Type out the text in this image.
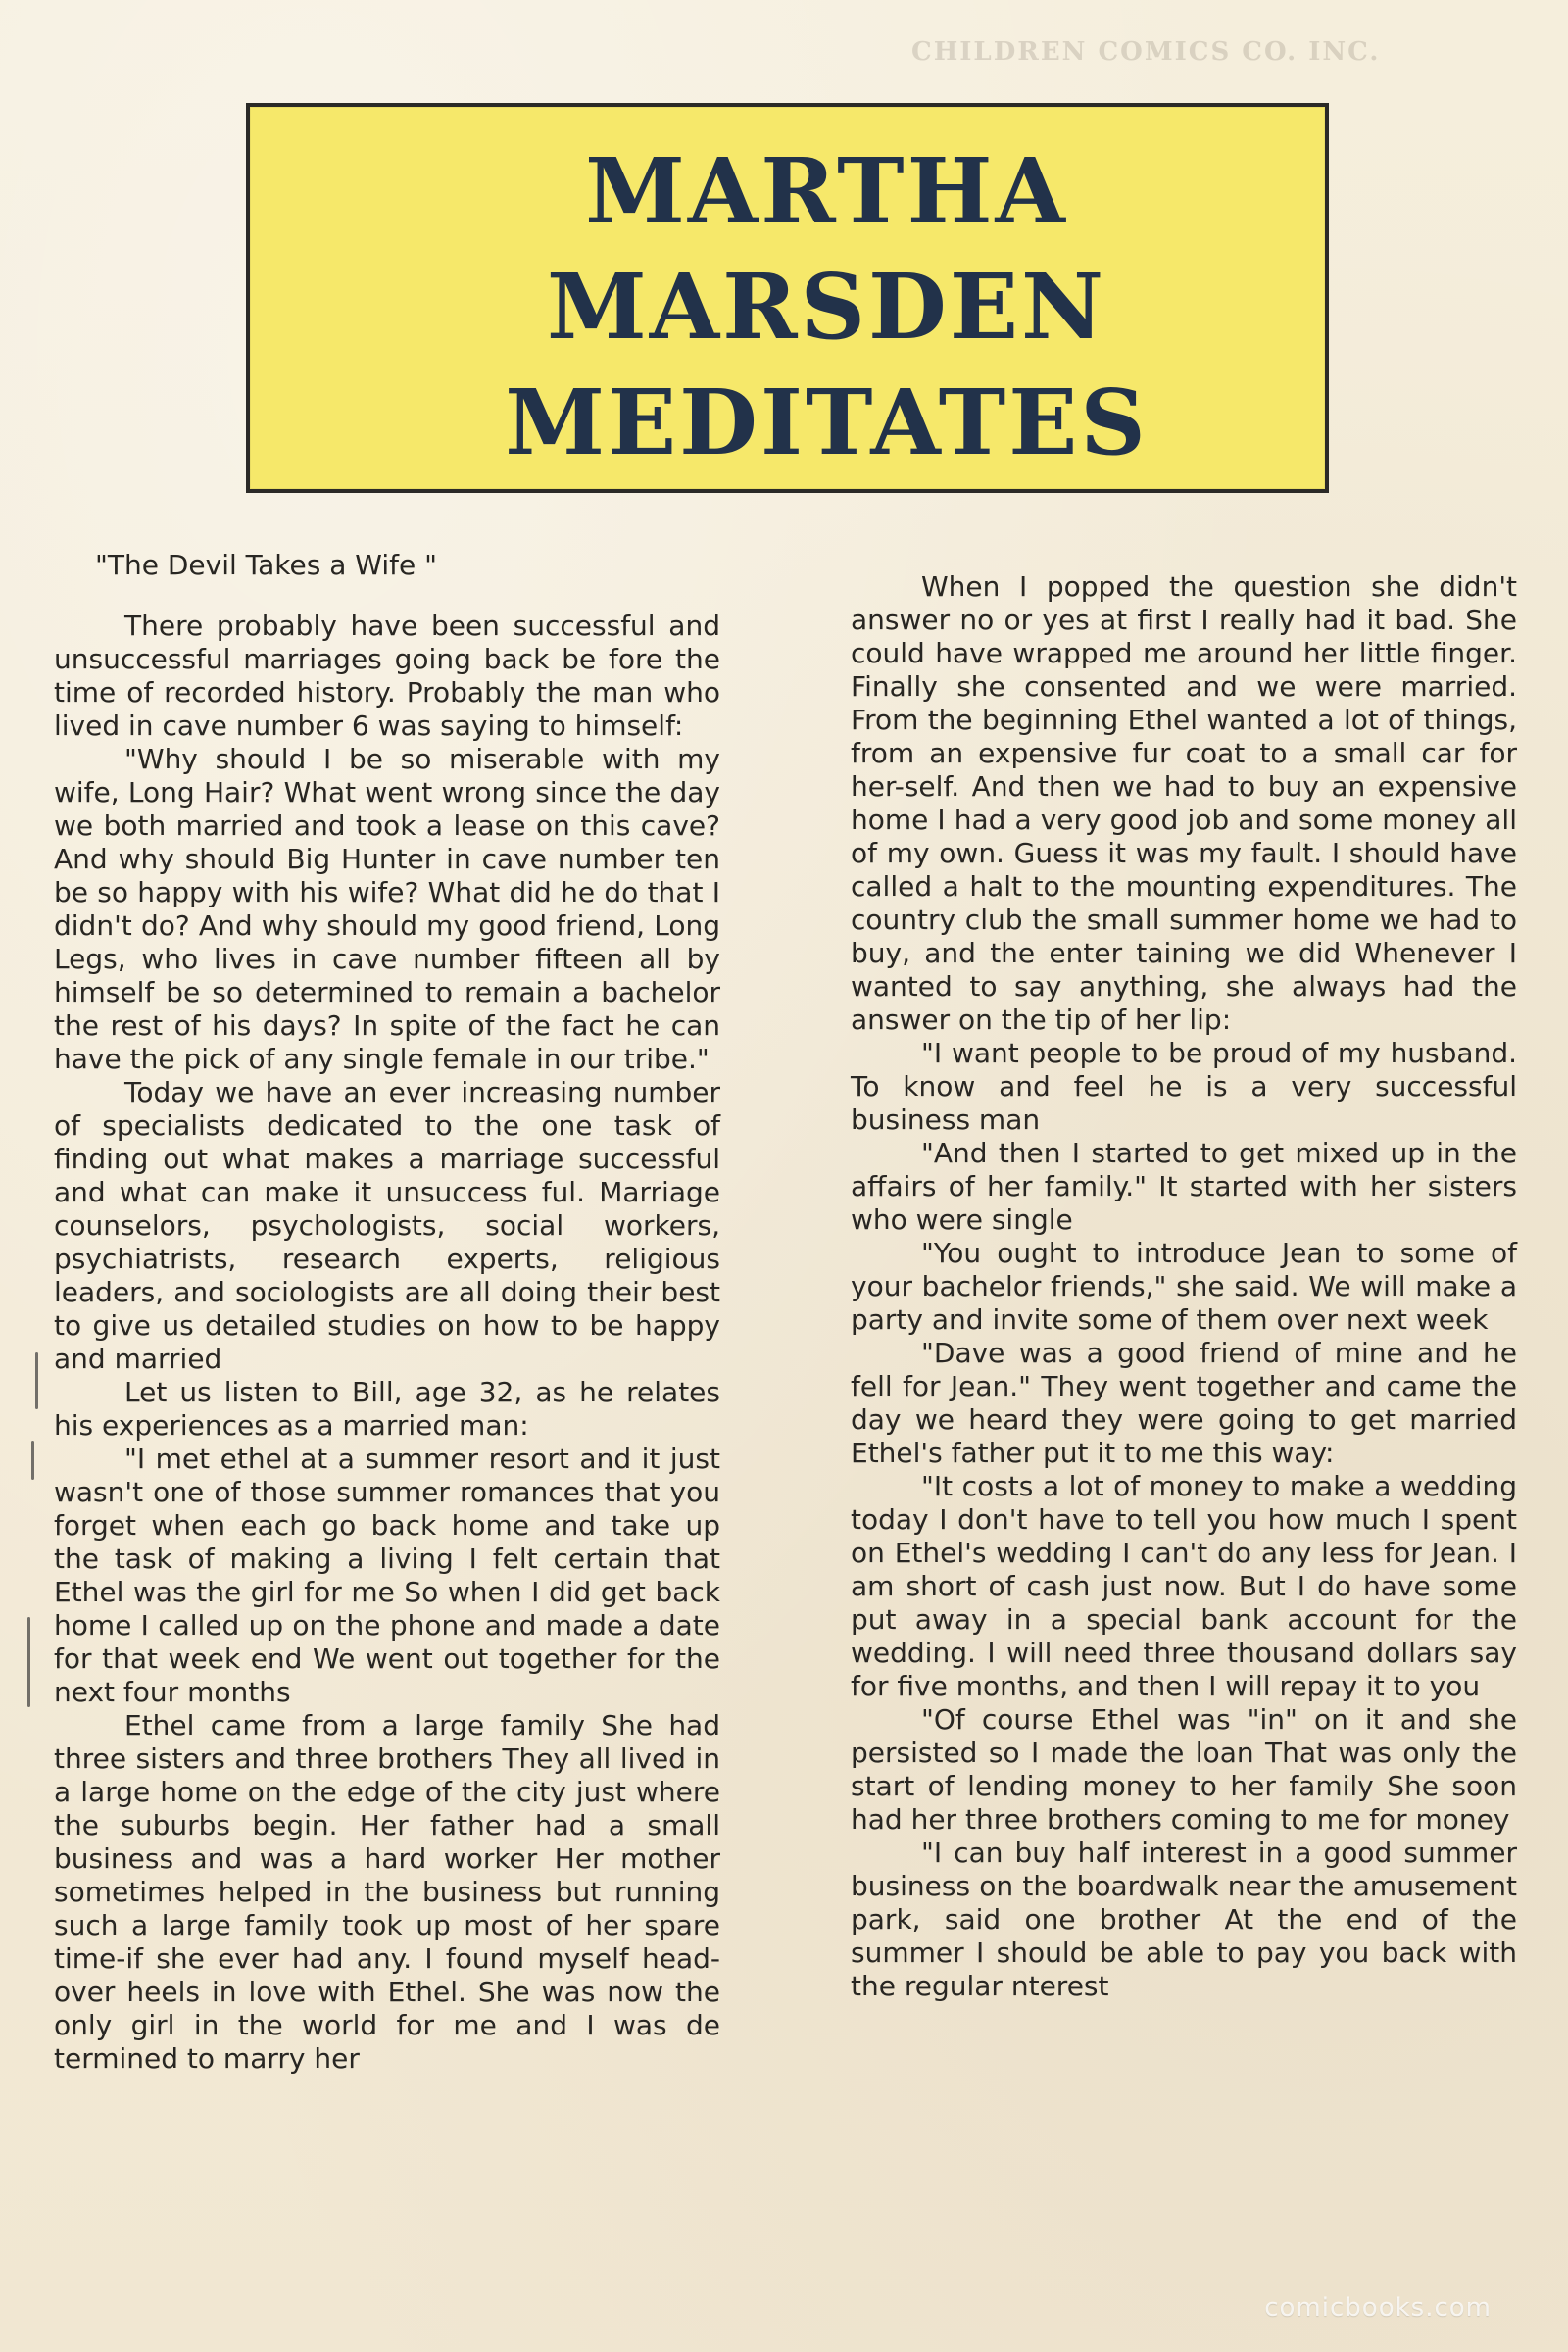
CHILDREN COMICS CO. INC.
MARTHA
MARSDEN
MEDITATES

"The Devil Takes a Wife "

There probably have been successful and unsuccessful marriages going back be fore the time of recorded history. Probably the man who lived in cave number 6 was saying to himself:

"Why should I be so miserable with my wife, Long Hair? What went wrong since the day we both married and took a lease on this cave? And why should Big Hunter in cave number ten be so happy with his wife? What did he do that I didn't do? And why should my good friend, Long Legs, who lives in cave number fifteen all by himself be so determined to remain a bachelor the rest of his days? In spite of the fact he can have the pick of any single female in our tribe."

Today we have an ever increasing number of specialists dedicated to the one task of finding out what makes a marriage successful and what can make it unsuccess ful. Marriage counselors, psychologists, social workers, psychiatrists, research experts, religious leaders, and sociologists are all doing their best to give us detailed studies on how to be happy and married

Let us listen to Bill, age 32, as he relates his experiences as a married man:

"I met ethel at a summer resort and it just wasn't one of those summer romances that you forget when each go back home and take up the task of making a living I felt certain that Ethel was the girl for me So when I did get back home I called up on the phone and made a date for that week end We went out together for the next four months

Ethel came from a large family She had three sisters and three brothers They all lived in a large home on the edge of the city just where the suburbs begin. Her father had a small business and was a hard worker Her mother sometimes helped in the business but running such a large family took up most of her spare time-if she ever had any. I found myself head-over heels in love with Ethel. She was now the only girl in the world for me and I was de termined to marry her

When I popped the question she didn't answer no or yes at first I really had it bad. She could have wrapped me around her little finger. Finally she consented and we were married. From the beginning Ethel wanted a lot of things, from an expensive fur coat to a small car for her-self. And then we had to buy an expensive home I had a very good job and some money all of my own. Guess it was my fault. I should have called a halt to the mounting expenditures. The country club the small summer home we had to buy, and the enter taining we did Whenever I wanted to say anything, she always had the answer on the tip of her lip:

"I want people to be proud of my husband. To know and feel he is a very successful business man

"And then I started to get mixed up in the affairs of her family." It started with her sisters who were single

"You ought to introduce Jean to some of your bachelor friends," she said. We will make a party and invite some of them over next week

"Dave was a good friend of mine and he fell for Jean." They went together and came the day we heard they were going to get married Ethel's father put it to me this way:

"It costs a lot of money to make a wedding today I don't have to tell you how much I spent on Ethel's wedding I can't do any less for Jean. I am short of cash just now. But I do have some put away in a special bank account for the wedding. I will need three thousand dollars say for five months, and then I will repay it to you

"Of course Ethel was "in" on it and she persisted so I made the loan That was only the start of lending money to her family She soon had her three brothers coming to me for money

"I can buy half interest in a good summer business on the boardwalk near the amusement park, said one brother At the end of the summer I should be able to pay you back with the regular nterest

comicbooks.com
